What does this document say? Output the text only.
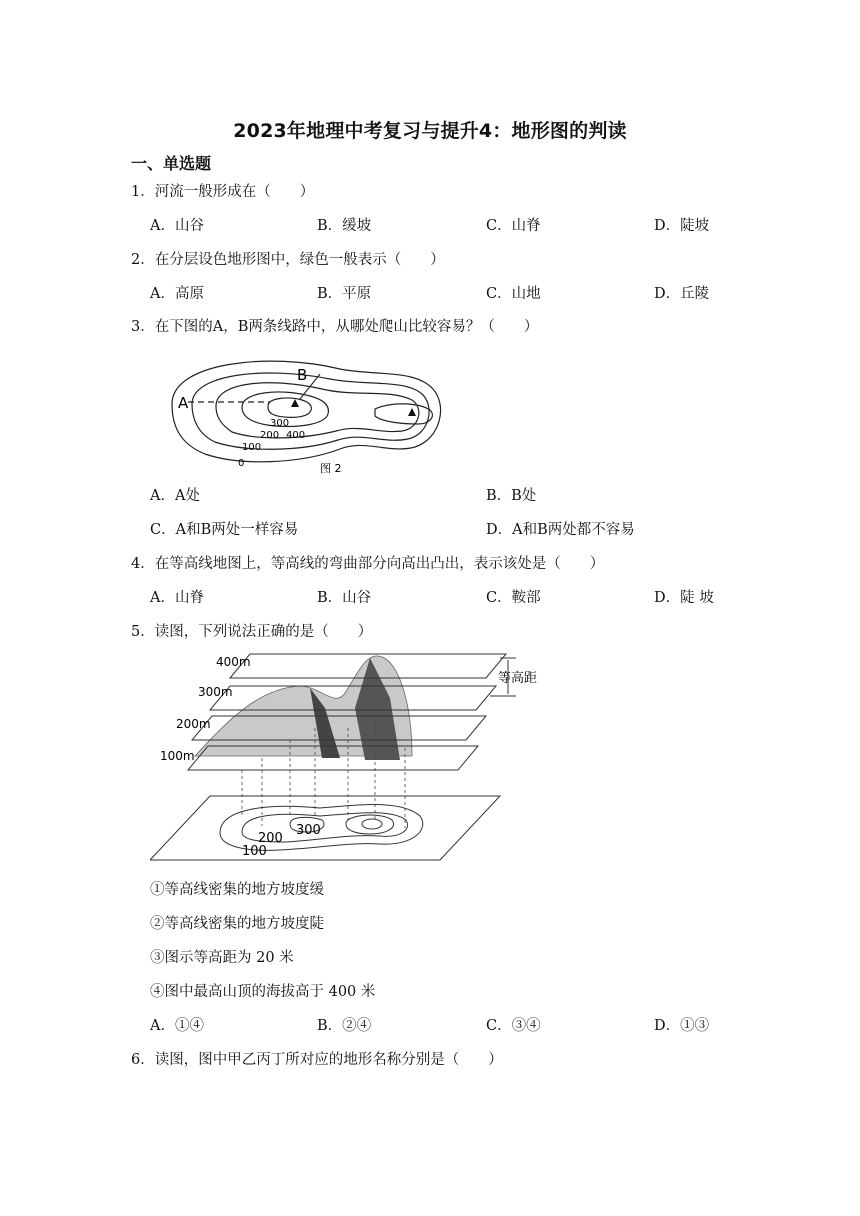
2023年地理中考复习与提升4：地形图的判读
一、单选题
1．河流一般形成在（　　）
A．山谷	B．缓坡	C．山脊	D．陡坡
2．在分层设色地形图中，绿色一般表示（　　）
A．高原	B．平原	C．山地	D．丘陵
3．在下图的A，B两条线路中，从哪处爬山比较容易？（　　）
A
B
400
300
200
100
0	图 2
A．A处	B．B处
C．A和B两处一样容易	D．A和B两处都不容易
4．在等高线地图上，等高线的弯曲部分向高出凸出，表示该处是（　　）
A．山脊	B．山谷	C．鞍部	D．陡 坡
5．读图，下列说法正确的是（　　）
400m
300m
200m
100m
等高距
200
300
100
①等高线密集的地方坡度缓
②等高线密集的地方坡度陡
③图示等高距为 20 米
④图中最高山顶的海拔高于 400 米
A．①④	B．②④	C．③④	D．①③
6．读图，图中甲乙丙丁所对应的地形名称分别是（　　）
